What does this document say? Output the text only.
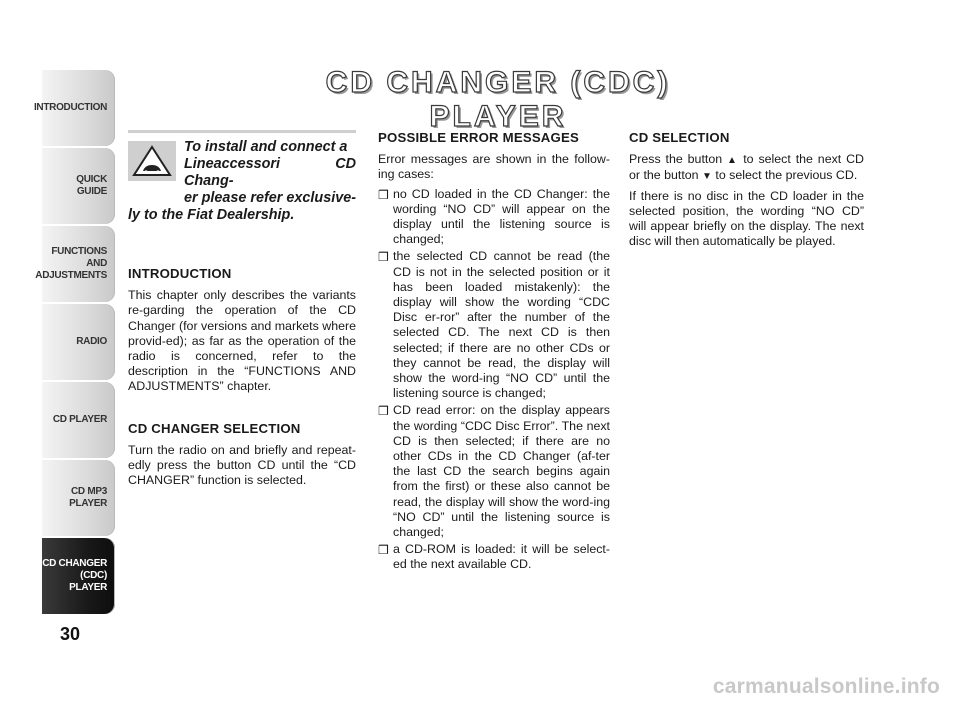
INTRODUCTION
QUICK
GUIDE
FUNCTIONS
AND
ADJUSTMENTS
RADIO
CD PLAYER
CD MP3
PLAYER
CD CHANGER
(CDC) PLAYER
30
CD CHANGER (CDC) PLAYER
To install and connect a
Lineaccessori CD Chang-
er please refer exclusive-
ly to the Fiat Dealership.
INTRODUCTION

This chapter only describes the variants re-garding the operation of the CD Changer (for versions and markets where provid-ed); as far as the operation of the radio is concerned, refer to the description in the “FUNCTIONS AND ADJUSTMENTS” chapter.

CD CHANGER SELECTION

Turn the radio on and briefly and repeat-edly press the button CD until the “CD CHANGER” function is selected.

POSSIBLE ERROR MESSAGES

Error messages are shown in the follow-ing cases:

❒ no CD loaded in the CD Changer: the wording “NO CD” will appear on the display until the listening source is changed;
❒ the selected CD cannot be read (the CD is not in the selected position or it has been loaded mistakenly): the display will show the wording “CDC Disc er-ror” after the number of the selected CD. The next CD is then selected; if there are no other CDs or they cannot be read, the display will show the word-ing “NO CD” until the listening source is changed;
❒ CD read error: on the display appears the wording “CDC Disc Error”. The next CD is then selected; if there are no other CDs in the CD Changer (af-ter the last CD the search begins again from the first) or these also cannot be read, the display will show the word-ing “NO CD” until the listening source is changed;
❒ a CD-ROM is loaded: it will be select-ed the next available CD.
CD SELECTION

Press the button ▲ to select the next CD or the button ▼ to select the previous CD.

If there is no disc in the CD loader in the selected position, the wording “NO CD” will appear briefly on the display. The next disc will then automatically be played.

carmanualsonline.info
